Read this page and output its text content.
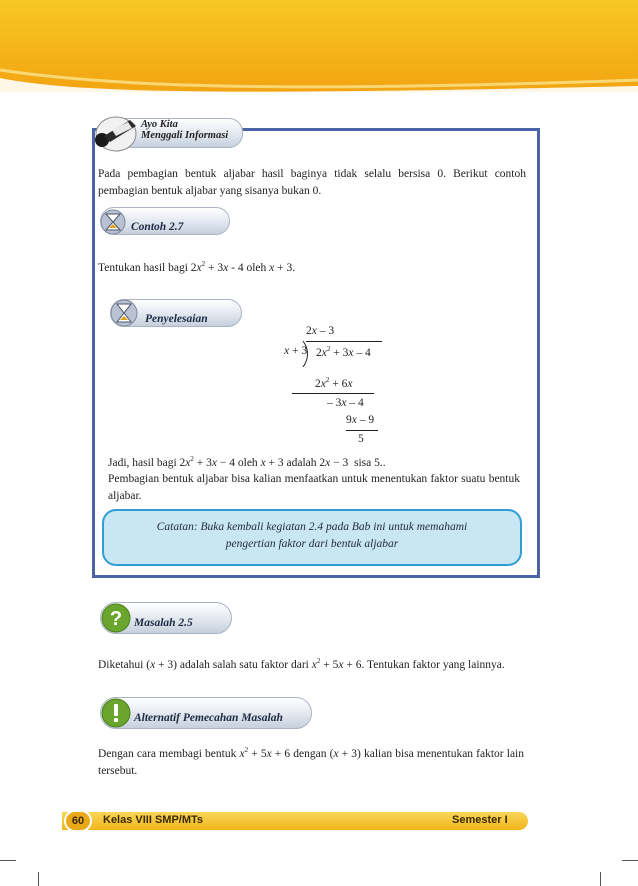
Ayo Kita
Menggali Informasi
Pada pembagian bentuk aljabar hasil baginya tidak selalu bersisa 0. Berikut contoh pembagian bentuk aljabar yang sisanya bukan 0.
Contoh 2.7
Tentukan hasil bagi $2x^2 + 3x - 4$ oleh x + 3.
Penyelesaian
2x – 3
x + 3 $2x^2 + 3x - 4$
$2x^2 + 6x$
– 3x – 4
9x – 9
5
Jadi, hasil bagi $2x^2 + 3x - 4$ oleh x + 3 adalah 2x − 3  sisa 5..
Pembagian bentuk aljabar bisa kalian menfaatkan untuk menentukan faktor suatu bentuk aljabar.
Catatan: Buka kembali kegiatan 2.4 pada Bab ini untuk memahami
pengertian faktor dari bentuk aljabar
? Masalah 2.5
Diketahui (x + 3) adalah salah satu faktor dari $x^2 + 5x + 6$. Tentukan faktor yang lainnya.
Alternatif Pemecahan Masalah
Dengan cara membagi bentuk $x^2 + 5x + 6$ dengan (x + 3) kalian bisa menentukan faktor lain tersebut.
60	Kelas VIII SMP/MTs	Semester I
